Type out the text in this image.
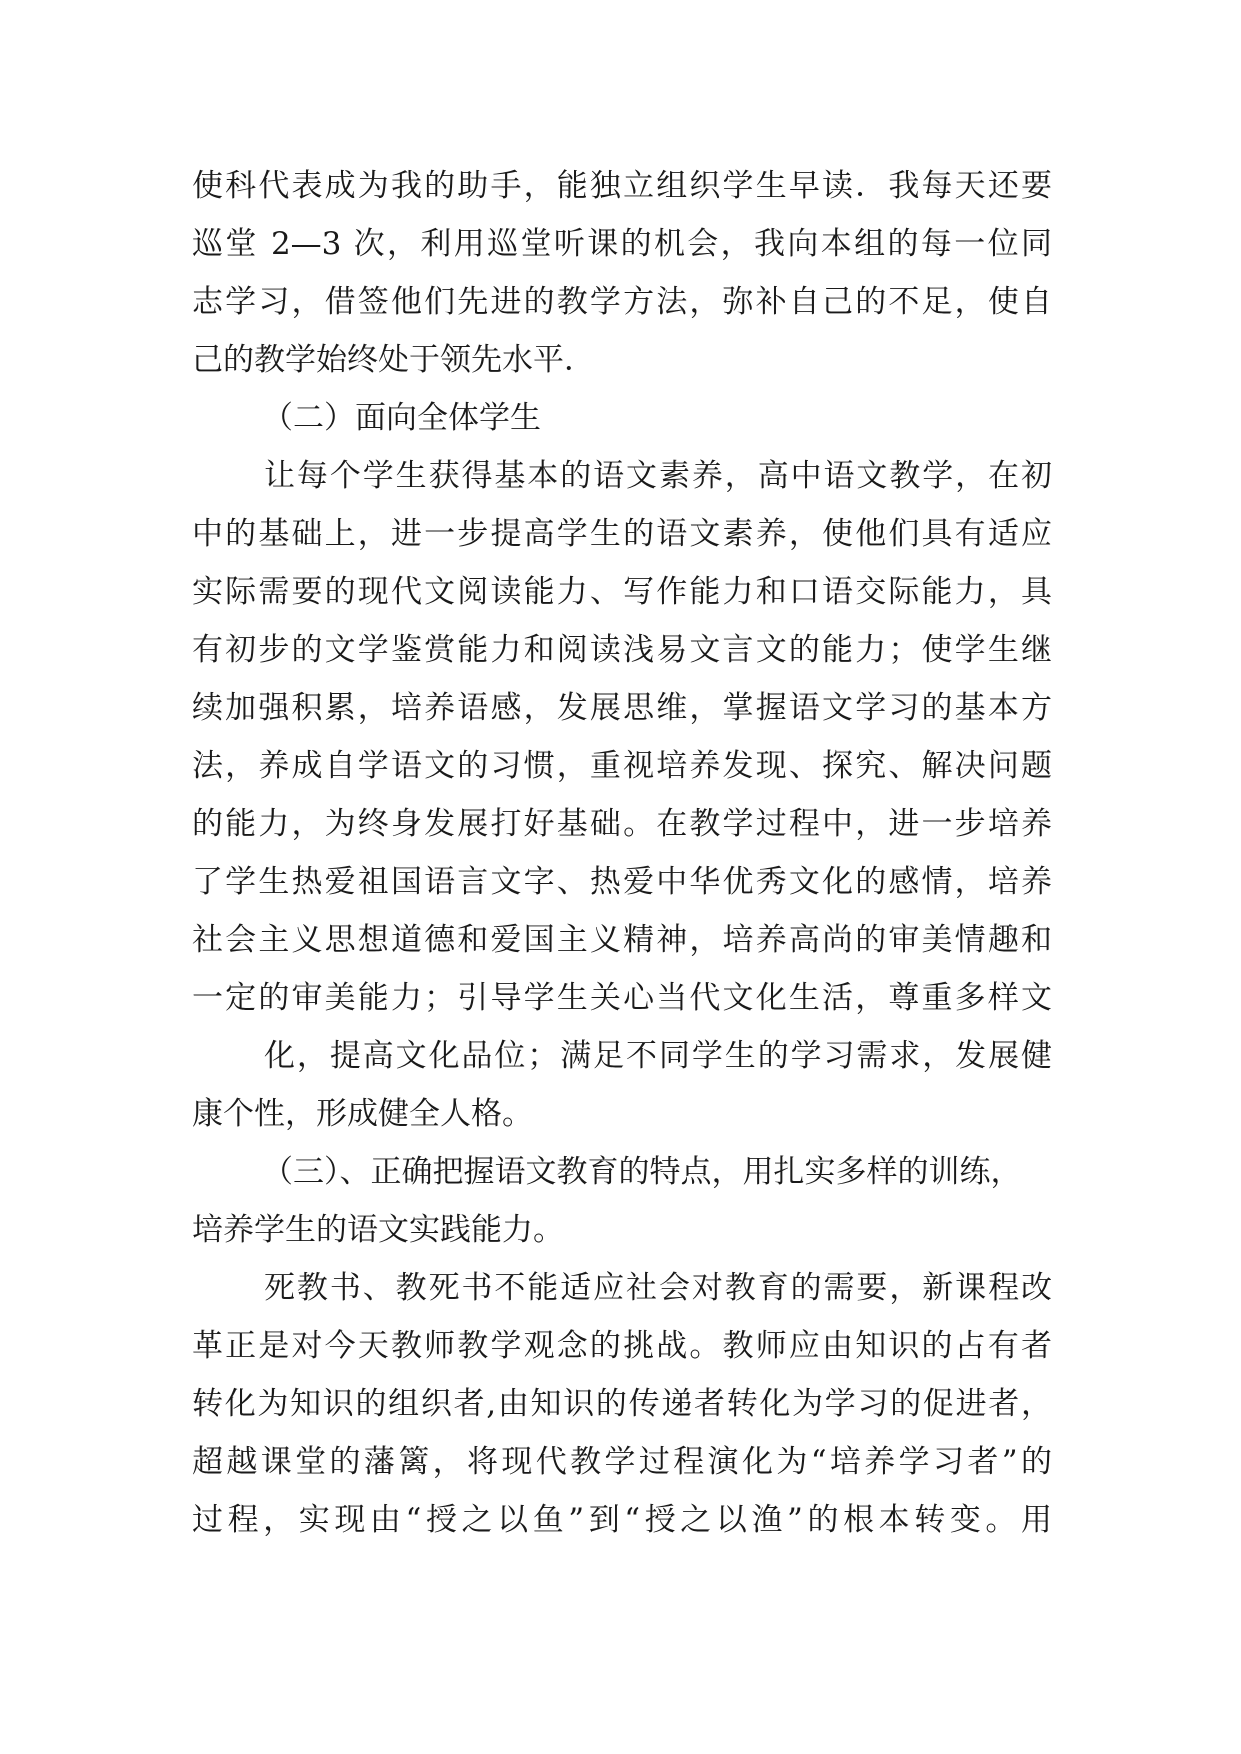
使科代表成为我的助手，能独立组织学生早读．我每天还要
巡堂 2—3 次，利用巡堂听课的机会，我向本组的每一位同
志学习，借签他们先进的教学方法，弥补自己的不足，使自
己的教学始终处于领先水平．
（二）面向全体学生
让每个学生获得基本的语文素养，高中语文教学，在初
中的基础上，进一步提高学生的语文素养，使他们具有适应
实际需要的现代文阅读能力、写作能力和口语交际能力，具
有初步的文学鉴赏能力和阅读浅易文言文的能力；使学生继
续加强积累，培养语感，发展思维，掌握语文学习的基本方
法，养成自学语文的习惯，重视培养发现、探究、解决问题
的能力，为终身发展打好基础。在教学过程中，进一步培养
了学生热爱祖国语言文字、热爱中华优秀文化的感情，培养
社会主义思想道德和爱国主义精神，培养高尚的审美情趣和
一定的审美能力；引导学生关心当代文化生活，尊重多样文
化，提高文化品位；满足不同学生的学习需求，发展健
康个性，形成健全人格。
（三）、正确把握语文教育的特点，用扎实多样的训练，
培养学生的语文实践能力。
死教书、教死书不能适应社会对教育的需要，新课程改
革正是对今天教师教学观念的挑战。教师应由知识的占有者
转化为知识的组织者,由知识的传递者转化为学习的促进者，
超越课堂的藩篱，将现代教学过程演化为“培养学习者”的
过程，实现由“授之以鱼”到“授之以渔”的根本转变。用
